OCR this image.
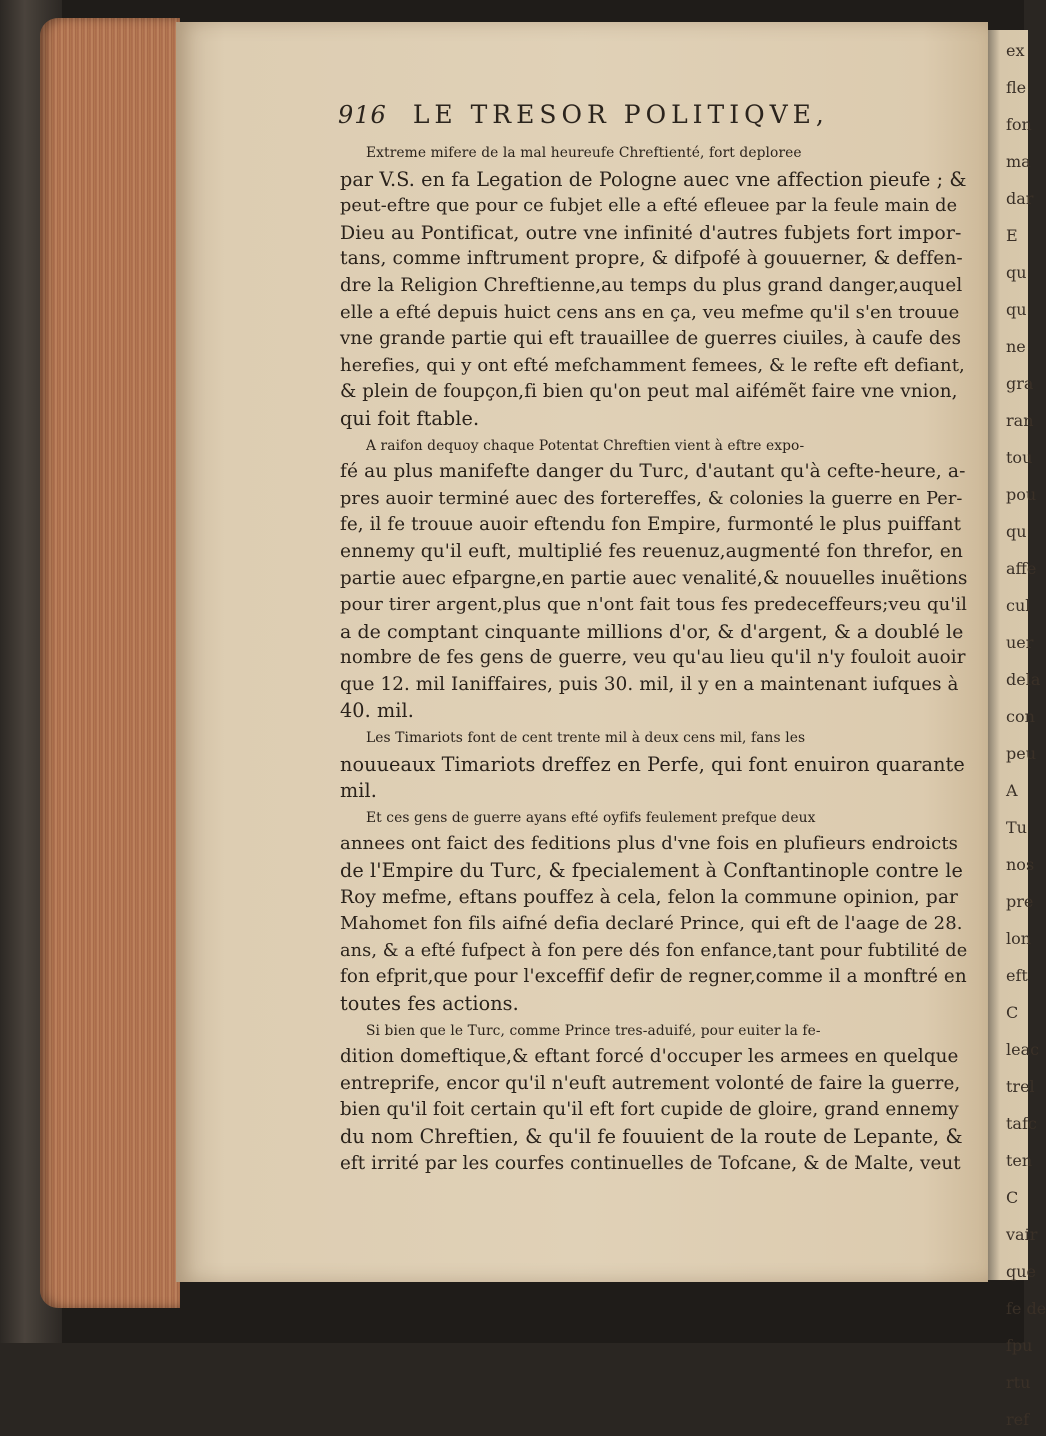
ex
fle
fon
ma
dar
E
qu
qu
ne
gra
ran
tou
pou
qu
affe
cul
uer
dela
con
peu
A
Tu
nos
pre
lon
eft
C
leac
trel
tafc
ten
C
vair
que
fe de
fpu
rtu
ref
916 LE TRESOR POLITIQVE,
Extreme mifere de la mal heureufe Chreftienté, fort deploree
par V.S. en fa Legation de Pologne auec vne affection pieufe ; &
peut-eftre que pour ce fubjet elle a efté efleuee par la feule main de
Dieu au Pontificat, outre vne infinité d'autres fubjets fort impor-
tans, comme inftrument propre, & difpofé à gouuerner, & deffen-
dre la Religion Chreftienne,au temps du plus grand danger,auquel
elle a efté depuis huict cens ans en ça, veu mefme qu'il s'en trouue
vne grande partie qui eft trauaillee de guerres ciuiles, à caufe des
herefies, qui y ont efté mefchamment femees, & le refte eft defiant,
& plein de foupçon,fi bien qu'on peut mal aifémẽt faire vne vnion,
qui foit ftable.
A raifon dequoy chaque Potentat Chreftien vient à eftre expo-
fé au plus manifefte danger du Turc, d'autant qu'à cefte-heure, a-
pres auoir terminé auec des fortereffes, & colonies la guerre en Per-
fe, il fe trouue auoir eftendu fon Empire, furmonté le plus puiffant
ennemy qu'il euft, multiplié fes reuenuz,augmenté fon threfor, en
partie auec efpargne,en partie auec venalité,& nouuelles inuẽtions
pour tirer argent,plus que n'ont fait tous fes predeceffeurs;veu qu'il
a de comptant cinquante millions d'or, & d'argent, & a doublé le
nombre de fes gens de guerre, veu qu'au lieu qu'il n'y fouloit auoir
que 12. mil Ianiffaires, puis 30. mil, il y en a maintenant iufques à
40. mil.
Les Timariots font de cent trente mil à deux cens mil, fans les
nouueaux Timariots dreffez en Perfe, qui font enuiron quarante
mil.
Et ces gens de guerre ayans efté oyfifs feulement prefque deux
annees ont faict des feditions plus d'vne fois en plufieurs endroicts
de l'Empire du Turc, & fpecialement à Conftantinople contre le
Roy mefme, eftans pouffez à cela, felon la commune opinion, par
Mahomet fon fils aifné defia declaré Prince, qui eft de l'aage de 28.
ans, & a efté fufpect à fon pere dés fon enfance,tant pour fubtilité de
fon efprit,que pour l'exceffif defir de regner,comme il a monftré en
toutes fes actions.
Si bien que le Turc, comme Prince tres-aduifé, pour euiter la fe-
dition domeftique,& eftant forcé d'occuper les armees en quelque
entreprife, encor qu'il n'euft autrement volonté de faire la guerre,
bien qu'il foit certain qu'il eft fort cupide de gloire, grand ennemy
du nom Chreftien, & qu'il fe fouuient de la route de Lepante, &
eft irrité par les courfes continuelles de Tofcane, & de Malte, veut
